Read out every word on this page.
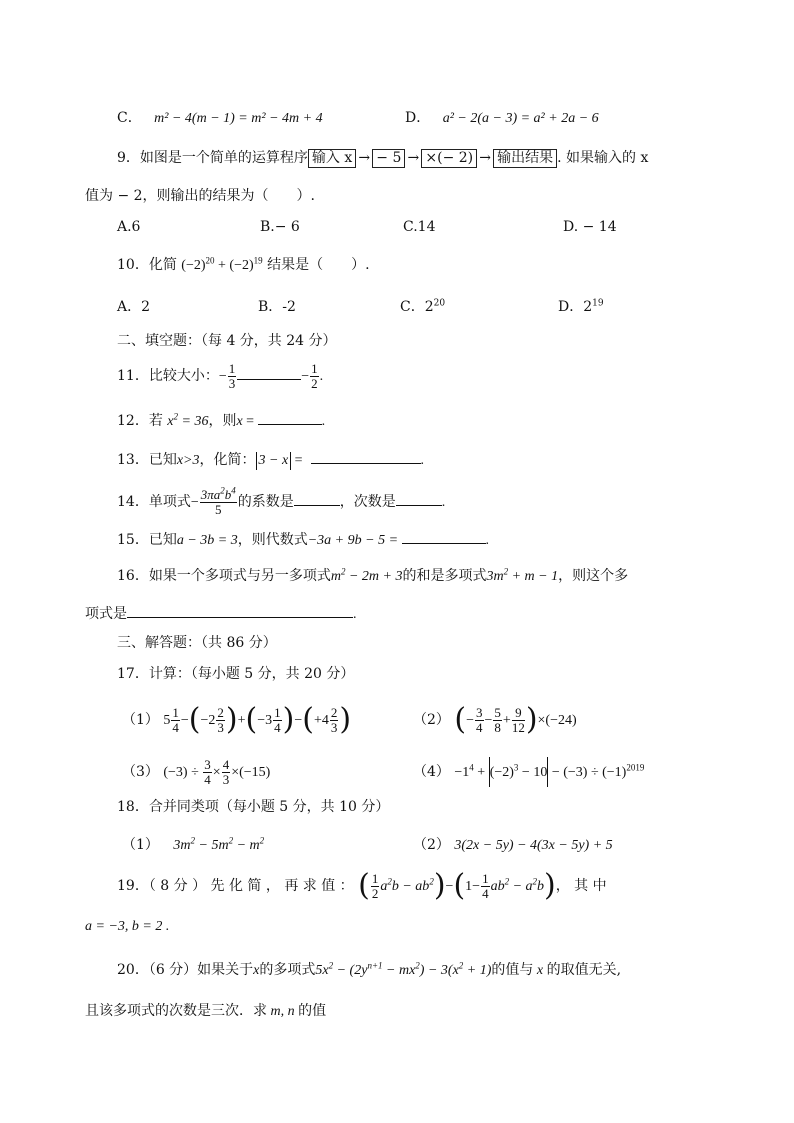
C． m² − 4(m − 1) = m² − 4m + 4	D． a² − 2(a − 3) = a² + 2a − 6
9．如图是一个简单的运算程序 输入 x → − 5 → ×(− 2) → 输出结果 . 如果输入的 x
值为 − 2，则输出的结果为（　　）.
A.6	B.− 6	C.14	D. − 14
10．化简 $(-2)^{20} + (-2)^{19}$ 结果是（　　）.
A．2	B．-2	C．$2^{20}$	D．$2^{19}$
二、填空题：（每 4 分，共 24 分）
11．比较大小：− $\frac{1}{3}$	− $\frac{1}{2}$ .
12．若 $x^2 = 36$，则x =	.
13．已知x>3，化简： 3 − x =	.
14．单项式− $\frac{3\pi a^2b^4}{5}$ 的系数是	，次数是	.
15．已知a − 3b = 3，则代数式−3a + 9b − 5 =	.
16．如果一个多项式与另一多项式$m^2 - 2m + 3$的和是多项式$3m^2 + m - 1$，则这个多
项式是	.
三、解答题：（共 86 分）
17．计算：（每小题 5 分，共 20 分）
（1） $5 \frac{1}{4} -(-2 \frac{2}{3} )+(-3 \frac{1}{4} )-(+4 \frac{2}{3}$ )	（2） (− $\frac{3}{4} - \frac{5}{8} + \frac{9}{12} )\times(-24)$
（3） $(-3) \div \frac{3}{4} \times \frac{4}{3} \times(-15)$	$(4) -1^4 + (-2)^3 - 10 - (-3) \div (-1)^{2019}$
18．合并同类项（每小题 5 分，共 10 分）
（1） $3m^2 - 5m^2 - m^2$	（2） 3(2x − 5y) − 4(3x − 5y) + 5
19．（ 8 分 ） 先 化 简 ， 再 求 值 ： ( $\frac{1}{2} a^2b - ab^2)-(1- \frac{1}{4} ab^2 - a^2b)$， 其 中
a = −3, b = 2 .
20．（6 分）如果关于x的多项式$5x^2 - (2y^{n+1} - mx^2) - 3(x^2 + 1)$的值与 x 的取值无关,
且该多项式的次数是三次．求 m, n 的值
